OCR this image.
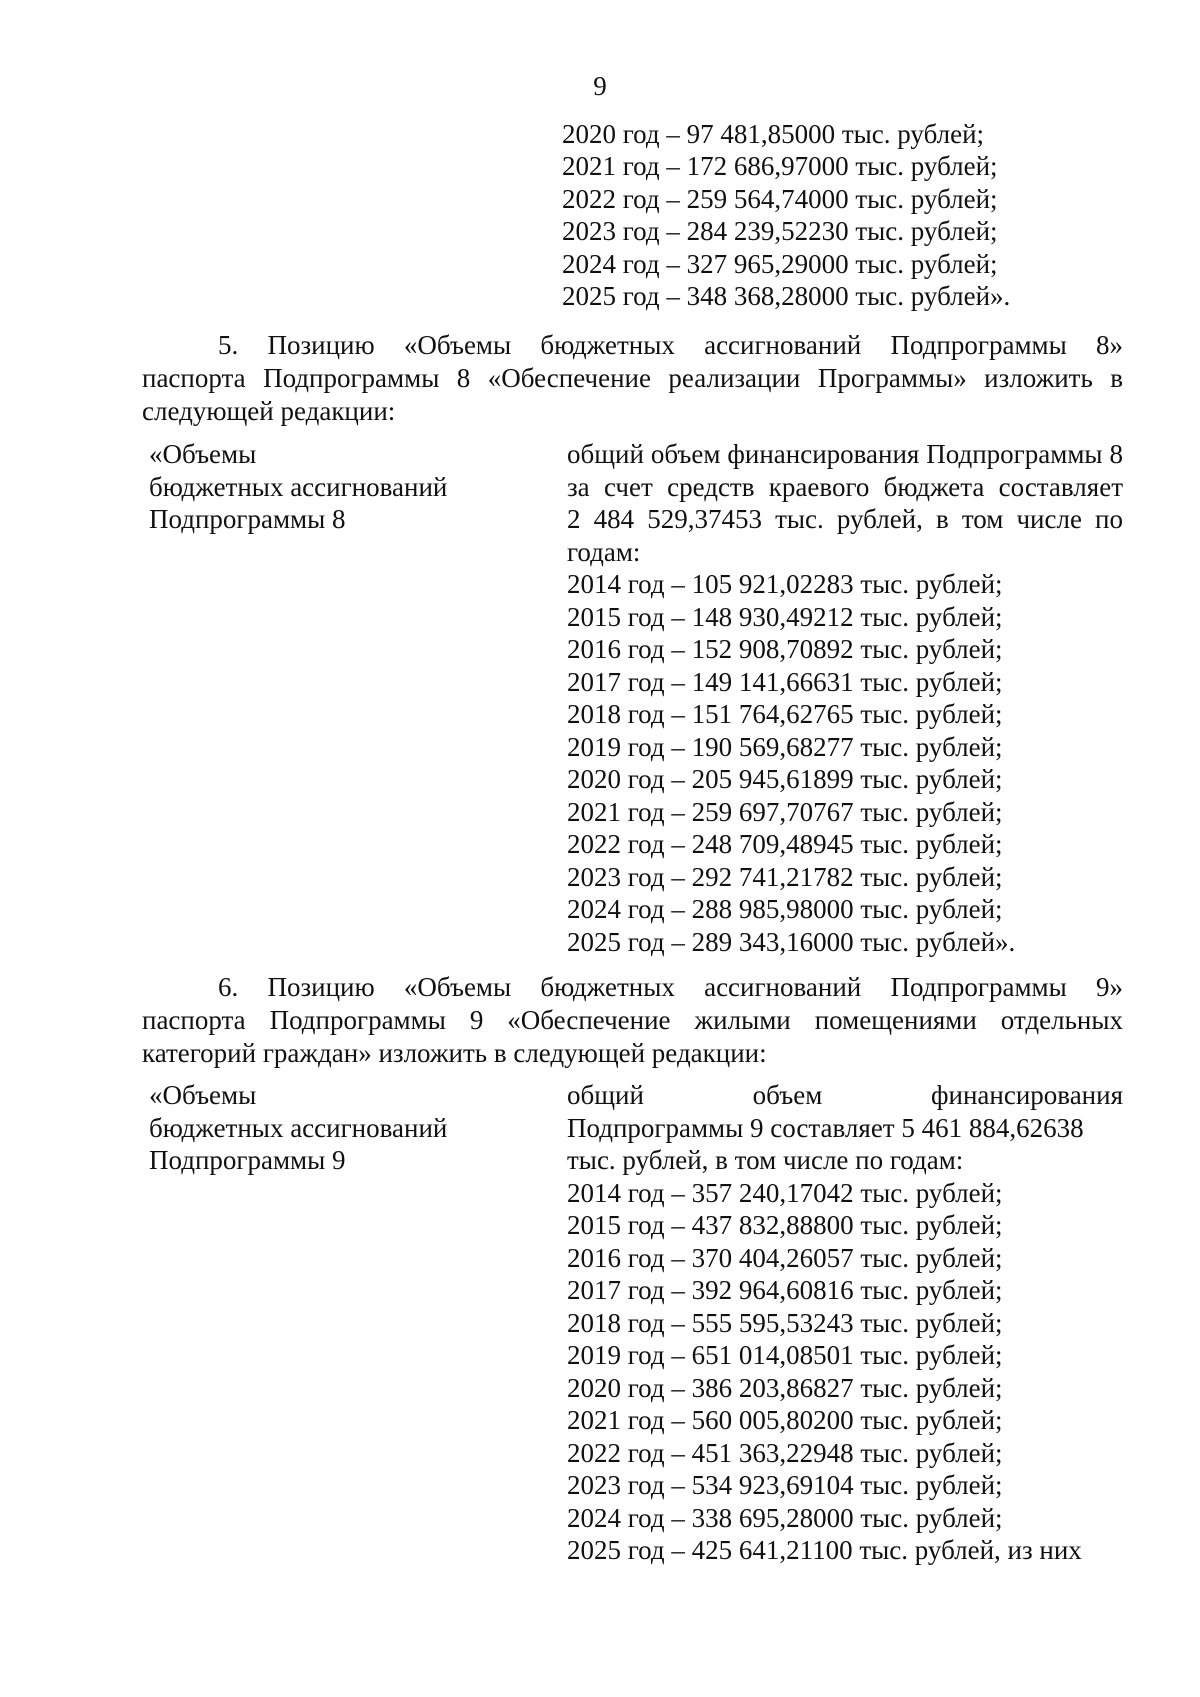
9
2020 год – 97 481,85000 тыс. рублей;
2021 год – 172 686,97000 тыс. рублей;
2022 год – 259 564,74000 тыс. рублей;
2023 год – 284 239,52230 тыс. рублей;
2024 год – 327 965,29000 тыс. рублей;
2025 год – 348 368,28000 тыс. рублей».
5. Позицию «Объемы бюджетных ассигнований Подпрограммы 8»
паспорта Подпрограммы 8 «Обеспечение реализации Программы» изложить в
следующей редакции:
«Объемы
бюджетных ассигнований
Подпрограммы 8
общий объем финансирования Подпрограммы 8
за счет средств краевого бюджета составляет
2 484 529,37453 тыс. рублей, в том числе по
годам:
2014 год – 105 921,02283 тыс. рублей;
2015 год – 148 930,49212 тыс. рублей;
2016 год – 152 908,70892 тыс. рублей;
2017 год – 149 141,66631 тыс. рублей;
2018 год – 151 764,62765 тыс. рублей;
2019 год – 190 569,68277 тыс. рублей;
2020 год – 205 945,61899 тыс. рублей;
2021 год – 259 697,70767 тыс. рублей;
2022 год – 248 709,48945 тыс. рублей;
2023 год – 292 741,21782 тыс. рублей;
2024 год – 288 985,98000 тыс. рублей;
2025 год – 289 343,16000 тыс. рублей».
6. Позицию «Объемы бюджетных ассигнований Подпрограммы 9»
паспорта Подпрограммы 9 «Обеспечение жилыми помещениями отдельных
категорий граждан» изложить в следующей редакции:
«Объемы
бюджетных ассигнований
Подпрограммы 9
общий объем финансирования
Подпрограммы 9 составляет 5 461 884,62638
тыс. рублей, в том числе по годам:
2014 год – 357 240,17042 тыс. рублей;
2015 год – 437 832,88800 тыс. рублей;
2016 год – 370 404,26057 тыс. рублей;
2017 год – 392 964,60816 тыс. рублей;
2018 год – 555 595,53243 тыс. рублей;
2019 год – 651 014,08501 тыс. рублей;
2020 год – 386 203,86827 тыс. рублей;
2021 год – 560 005,80200 тыс. рублей;
2022 год – 451 363,22948 тыс. рублей;
2023 год – 534 923,69104 тыс. рублей;
2024 год – 338 695,28000 тыс. рублей;
2025 год – 425 641,21100 тыс. рублей, из них
